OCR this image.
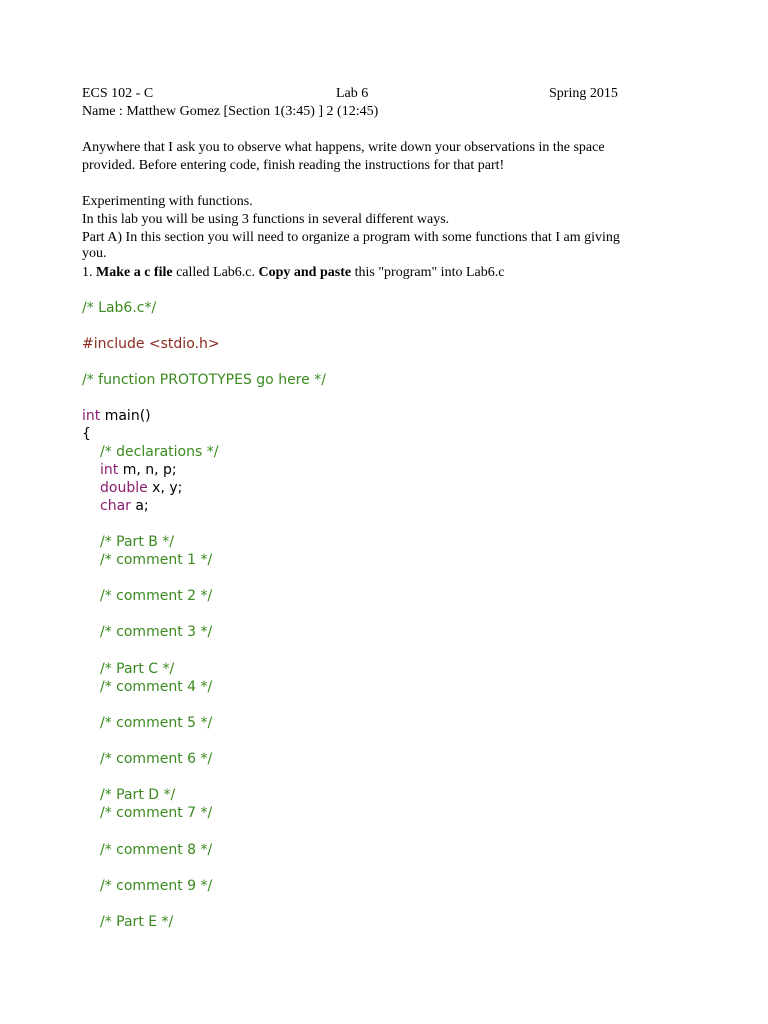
ECS 102 - C	Lab 6	Spring 2015
Name : Matthew Gomez [Section 1(3:45) ] 2 (12:45)
Anywhere that I ask you to observe what happens, write down your observations in the space
provided. Before entering code, finish reading the instructions for that part!
Experimenting with functions.
In this lab you will be using 3 functions in several different ways.
Part A) In this section you will need to organize a program with some functions that I am giving
you.
1. Make a c file called Lab6.c. Copy and paste this "program" into Lab6.c
/* Lab6.c*/
#include <stdio.h>
/* function PROTOTYPES go here */
int main()
{
/* declarations */
int m, n, p;
double x, y;
char a;
/* Part B */
/* comment 1 */
/* comment 2 */
/* comment 3 */
/* Part C */
/* comment 4 */
/* comment 5 */
/* comment 6 */
/* Part D */
/* comment 7 */
/* comment 8 */
/* comment 9 */
/* Part E */
